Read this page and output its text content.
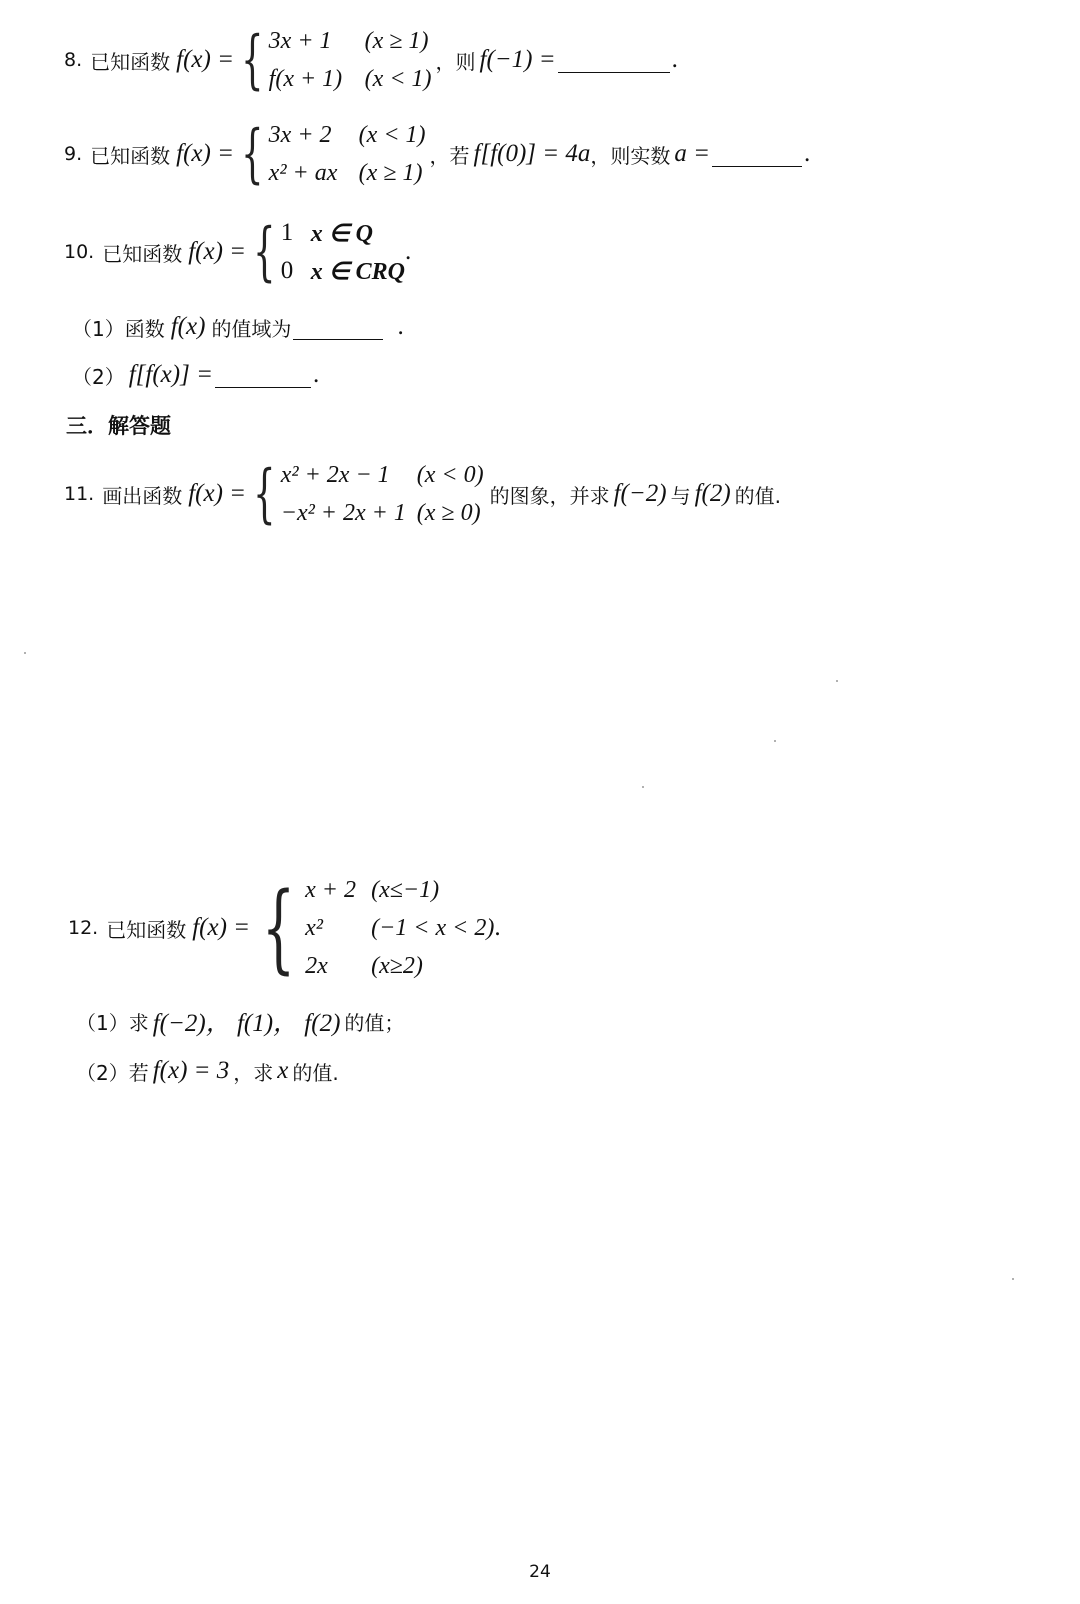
8. 已知函数 f(x) = { 3x + 1	(x ≥ 1)
f(x + 1) (x < 1)
，则 f(−1) =	.
9. 已知函数 f(x) = { 3x + 2	(x < 1)
x² + ax (x ≥ 1)
，若 f[f(0)] = 4a ，则实数 a =	.
10. 已知函数 f(x) = { 1 x ∈ Q
0 x ∈ CRQ
.
（1） 函数 f(x) 的值域为	.
（2） f[f(x)] =	.
三．解答题
11. 画出函数 f(x) = { x² + 2x − 1	(x < 0)
−x² + 2x + 1 (x ≥ 0)
的图象，并求 f(−2) 与 f(2) 的值.
12. 已知函数 f(x) = { x + 2 (x≤−1)
x²	(−1 < x < 2)
2x	(x≥2)
.
（1） 求 f(−2)， f(1)， f(2) 的值；
（2） 若 f(x) = 3 ，求 x 的值.
24
